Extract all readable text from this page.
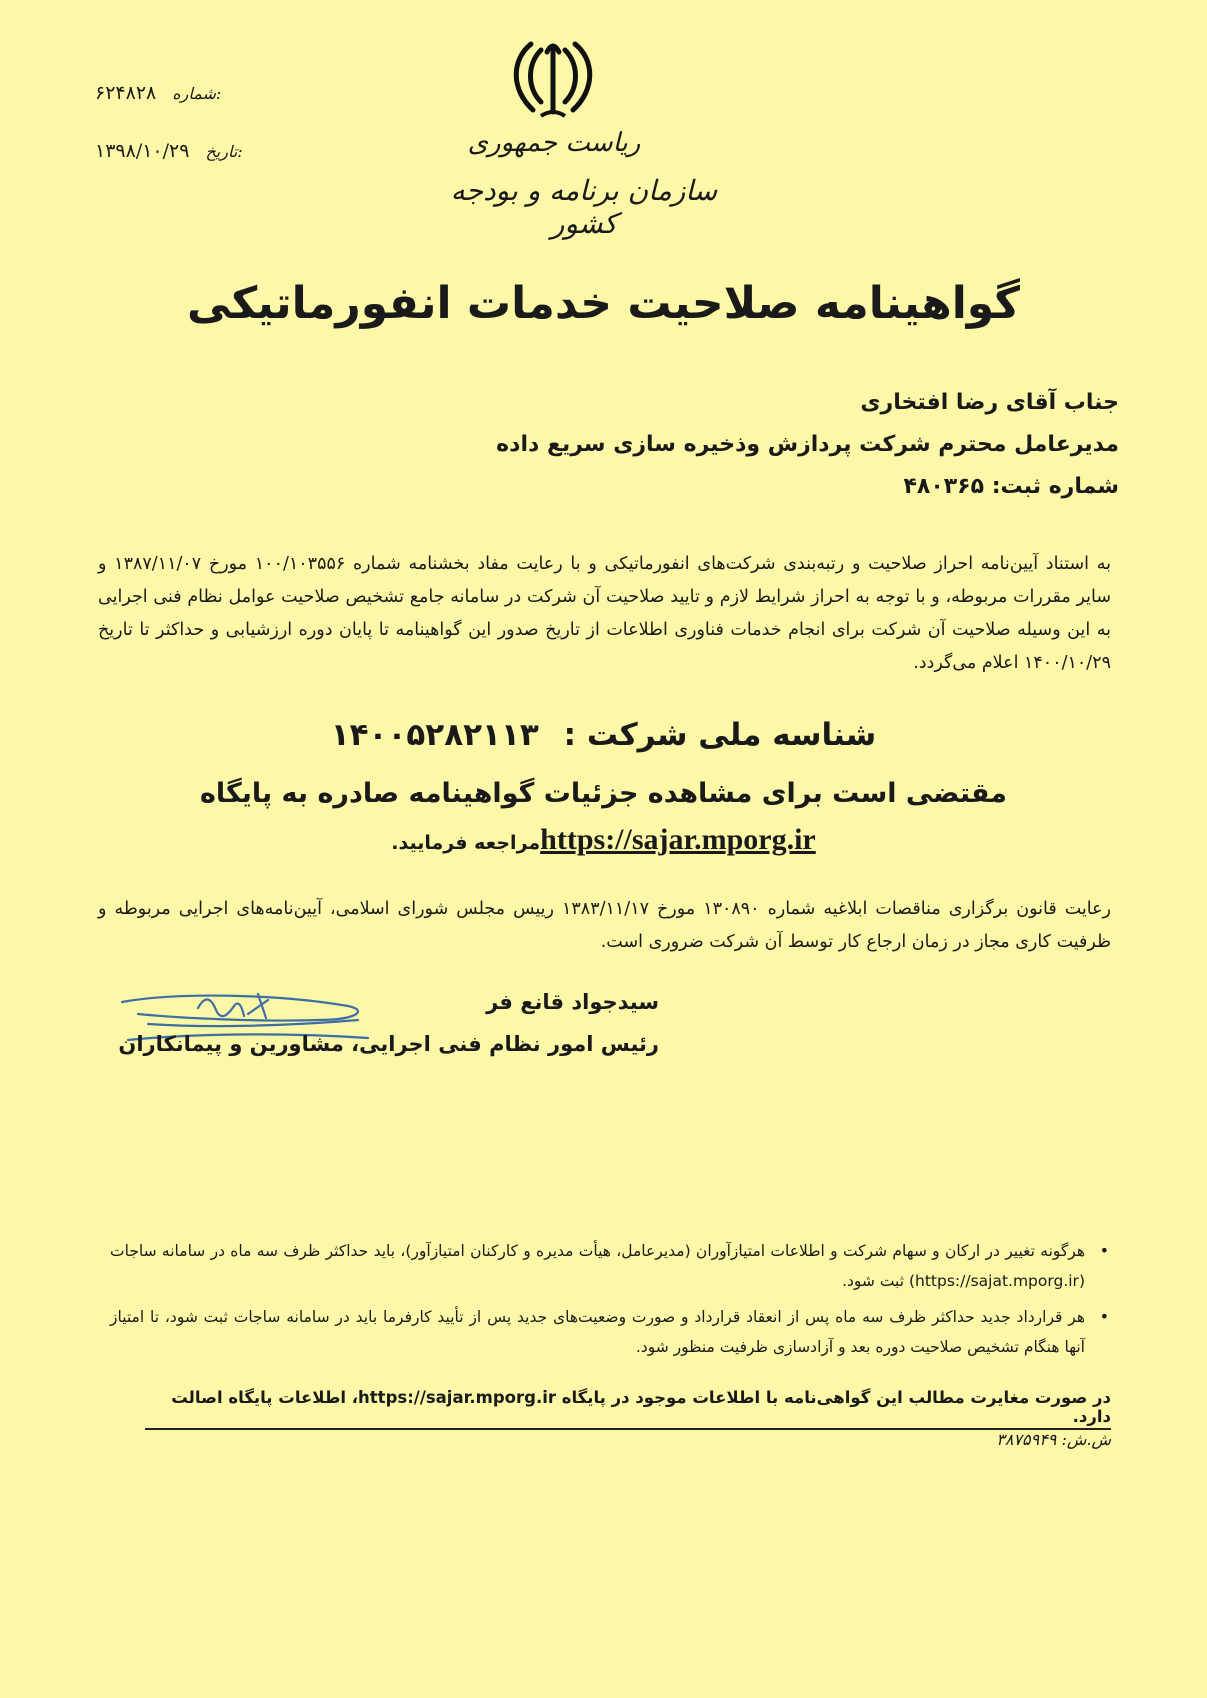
۶۲۴۸۲۸ شماره:
۱۳۹۸/۱۰/۲۹ تاریخ:	ریاست جمهوری
سازمان برنامه و بودجه کشور
گواهینامه صلاحیت خدمات انفورماتیکی
جناب آقای رضا افتخاری
مدیرعامل محترم شرکت پردازش وذخیره سازی سریع داده
شماره ثبت: ۴۸۰۳۶۵
به استناد آیین‌نامه احراز صلاحیت و رتبه‌بندی شرکت‌های انفورماتیکی و با رعایت مفاد بخشنامه شماره ۱۰۰/۱۰۳۵۵۶ مورخ ۱۳۸۷/۱۱/۰۷ و سایر مقررات مربوطه، و با توجه به احراز شرایط لازم و تایید صلاحیت آن شرکت در سامانه جامع تشخیص صلاحیت عوامل نظام فنی اجرایی به این وسیله صلاحیت آن شرکت برای انجام خدمات فناوری اطلاعات از تاریخ صدور این گواهینامه تا پایان دوره ارزشیابی و حداکثر تا تاریخ ۱۴۰۰/۱۰/۲۹ اعلام می‌گردد.
شناسه ملی شرکت : ۱۴۰۰۵۲۸۲۱۱۳
مقتضی است برای مشاهده جزئیات گواهینامه صادره به پایگاه
https://sajar.mporg.irمراجعه فرمایید.
رعایت قانون برگزاری مناقصات ابلاغیه شماره ۱۳۰۸۹۰ مورخ ۱۳۸۳/۱۱/۱۷ رییس مجلس شورای اسلامی، آیین‌نامه‌های اجرایی مربوطه و ظرفیت کاری مجاز در زمان ارجاع کار توسط آن شرکت ضروری است.
سیدجواد قانع فر
رئیس امور نظام فنی اجرایی، مشاورین و پیمانکاران
•
هرگونه تغییر در ارکان و سهام شرکت و اطلاعات امتیازآوران (مدیرعامل، هیأت مدیره و کارکنان امتیازآور)، باید حداکثر ظرف سه ماه در سامانه ساجات (https://sajat.mporg.ir) ثبت شود.
•
هر قرارداد جدید حداکثر ظرف سه ماه پس از انعقاد قرارداد و صورت وضعیت‌های جدید پس از تأیید کارفرما باید در سامانه ساجات ثبت شود، تا امتیاز آنها هنگام تشخیص صلاحیت دوره بعد و آزادسازی ظرفیت منظور شود.
در صورت مغایرت مطالب این گواهی‌نامه با اطلاعات موجود در پایگاه https://sajar.mporg.ir، اطلاعات پایگاه اصالت دارد.
ش.ش: ۳۸۷۵۹۴۹
